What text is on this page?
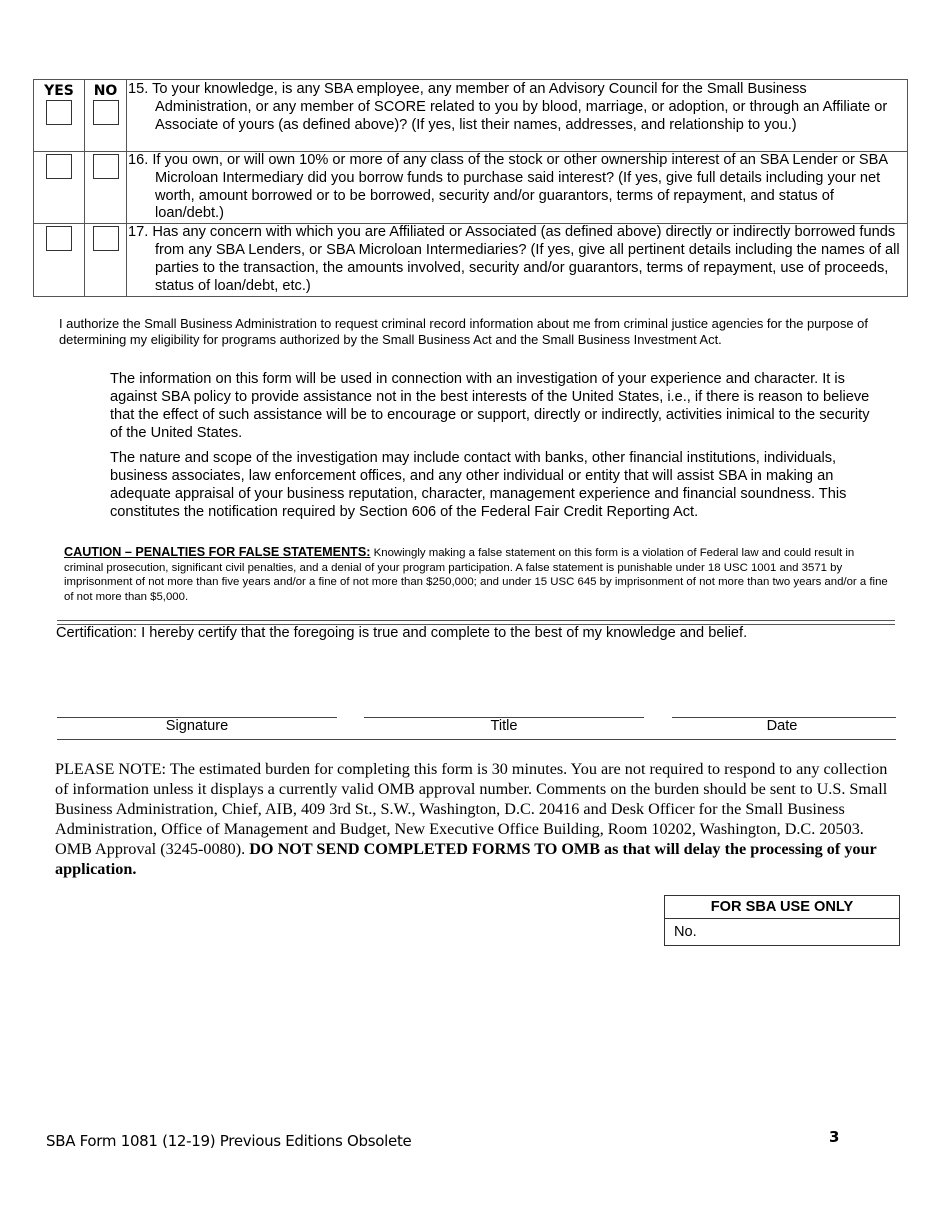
YES	NO	15. To your knowledge, is any SBA employee, any member of an Advisory Council for the Small Business Administration, or any member of SCORE related to you by blood, marriage, or adoption, or through an Affiliate or Associate of yours (as defined above)? (If yes, list their names, addresses, and relationship to you.)

		16. If you own, or will own 10% or more of any class of the stock or other ownership interest of an SBA Lender or SBA Microloan Intermediary did you borrow funds to purchase said interest? (If yes, give full details including your net worth, amount borrowed or to be borrowed, security and/or guarantors, terms of repayment, and status of loan/debt.)

		17. Has any concern with which you are Affiliated or Associated (as defined above) directly or indirectly borrowed funds from any SBA Lenders, or SBA Microloan Intermediaries? (If yes, give all pertinent details including the names of all parties to the transaction, the amounts involved, security and/or guarantors, terms of repayment, use of proceeds, status of loan/debt, etc.)

I authorize the Small Business Administration to request criminal record information about me from criminal justice agencies for the purpose of determining my eligibility for programs authorized by the Small Business Act and the Small Business Investment Act.

The information on this form will be used in connection with an investigation of your experience and character. It is against SBA policy to provide assistance not in the best interests of the United States, i.e., if there is reason to believe that the effect of such assistance will be to encourage or support, directly or indirectly, activities inimical to the security of the United States.

The nature and scope of the investigation may include contact with banks, other financial institutions, individuals, business associates, law enforcement offices, and any other individual or entity that will assist SBA in making an adequate appraisal of your business reputation, character, management experience and financial soundness. This constitutes the notification required by Section 606 of the Federal Fair Credit Reporting Act.

CAUTION – PENALTIES FOR FALSE STATEMENTS: Knowingly making a false statement on this form is a violation of Federal law and could result in criminal prosecution, significant civil penalties, and a denial of your program participation. A false statement is punishable under 18 USC 1001 and 3571 by imprisonment of not more than five years and/or a fine of not more than $250,000; and under 15 USC 645 by imprisonment of not more than two years and/or a fine of not more than $5,000.

Certification: I hereby certify that the foregoing is true and complete to the best of my knowledge and belief.

Signature	Title	Date

PLEASE NOTE: The estimated burden for completing this form is 30 minutes. You are not required to respond to any collection of information unless it displays a currently valid OMB approval number. Comments on the burden should be sent to U.S. Small Business Administration, Chief, AIB, 409 3rd St., S.W., Washington, D.C. 20416 and Desk Officer for the Small Business Administration, Office of Management and Budget, New Executive Office Building, Room 10202, Washington, D.C. 20503. OMB Approval (3245-0080). DO NOT SEND COMPLETED FORMS TO OMB as that will delay the processing of your application.

FOR SBA USE ONLY
No.
SBA Form 1081 (12-19) Previous Editions Obsolete	3
